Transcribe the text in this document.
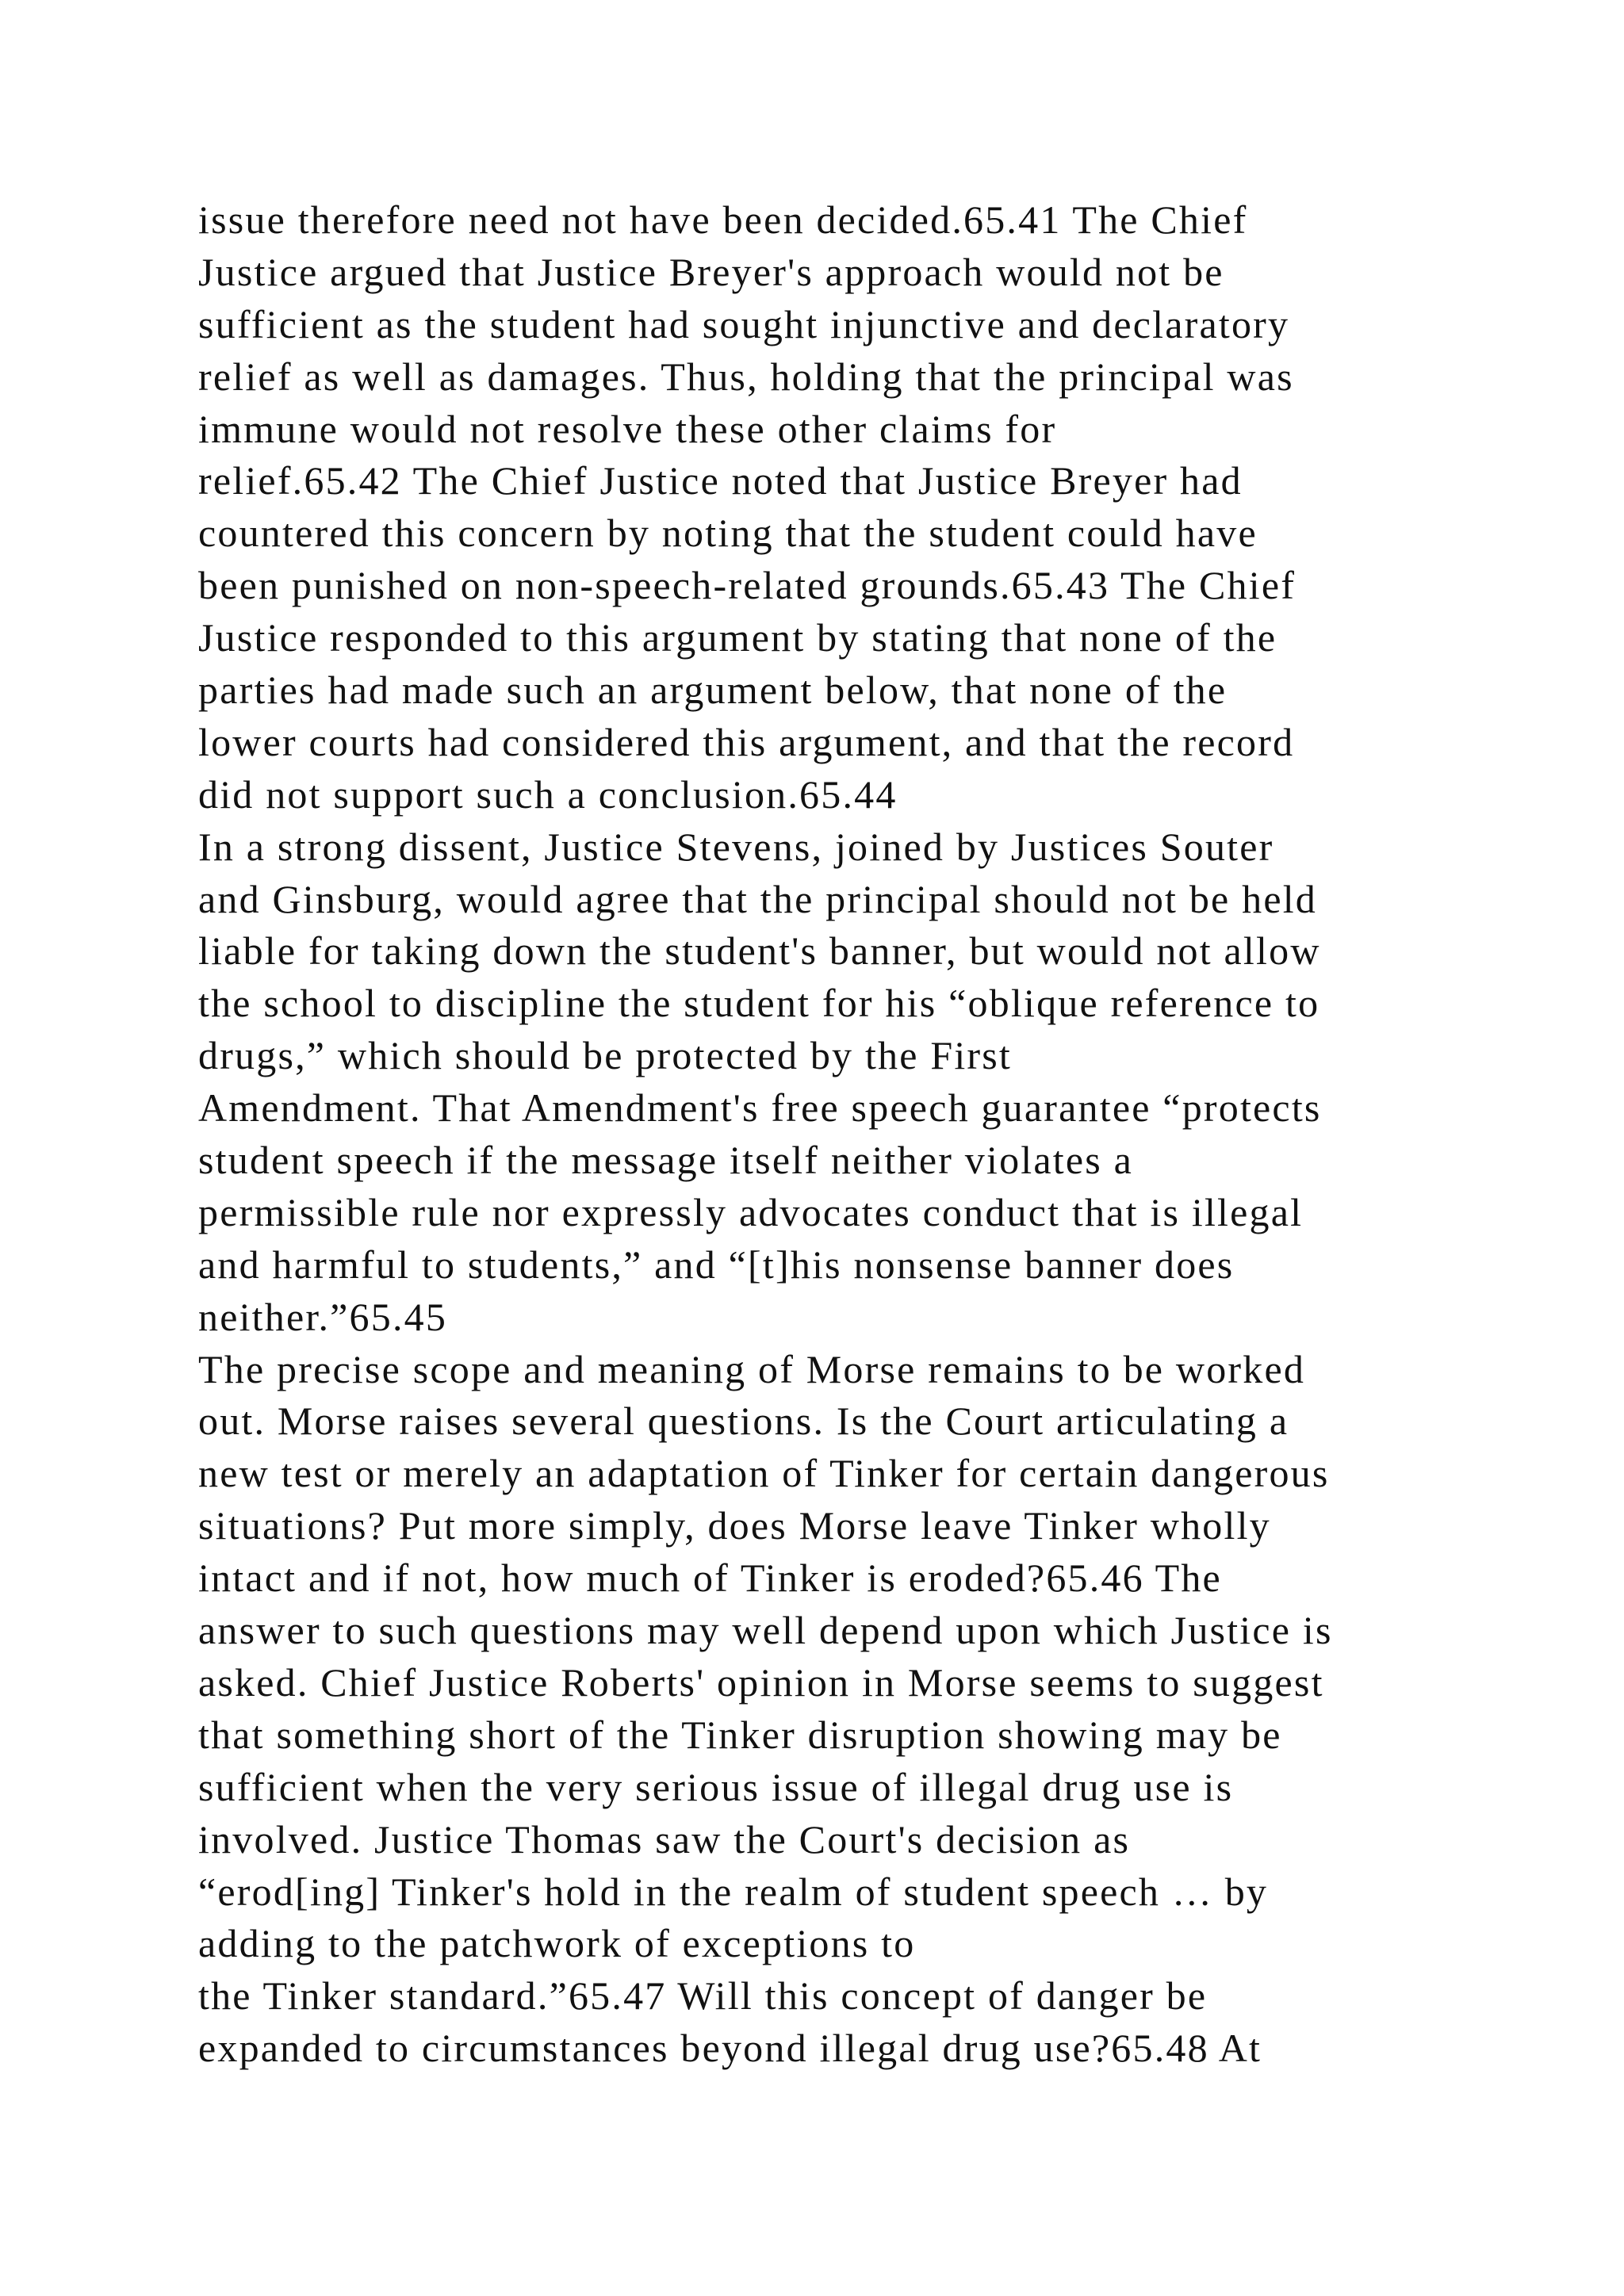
issue therefore need not have been decided.65.41 The Chief
Justice argued that Justice Breyer's approach would not be
sufficient as the student had sought injunctive and declaratory
relief as well as damages. Thus, holding that the principal was
immune would not resolve these other claims for
relief.65.42 The Chief Justice noted that Justice Breyer had
countered this concern by noting that the student could have
been punished on non-speech-related grounds.65.43 The Chief
Justice responded to this argument by stating that none of the
parties had made such an argument below, that none of the
lower courts had considered this argument, and that the record
did not support such a conclusion.65.44
In a strong dissent, Justice Stevens, joined by Justices Souter
and Ginsburg, would agree that the principal should not be held
liable for taking down the student's banner, but would not allow
the school to discipline the student for his “oblique reference to
drugs,” which should be protected by the First
Amendment. That Amendment's free speech guarantee “protects
student speech if the message itself neither violates a
permissible rule nor expressly advocates conduct that is illegal
and harmful to students,” and “[t]his nonsense banner does
neither.”65.45
The precise scope and meaning of Morse remains to be worked
out. Morse raises several questions. Is the Court articulating a
new test or merely an adaptation of Tinker for certain dangerous
situations? Put more simply, does Morse leave Tinker wholly
intact and if not, how much of Tinker is eroded?65.46 The
answer to such questions may well depend upon which Justice is
asked. Chief Justice Roberts' opinion in Morse seems to suggest
that something short of the Tinker disruption showing may be
sufficient when the very serious issue of illegal drug use is
involved. Justice Thomas saw the Court's decision as
“erod[ing] Tinker's hold in the realm of student speech … by
adding to the patchwork of exceptions to
the Tinker standard.”65.47 Will this concept of danger be
expanded to circumstances beyond illegal drug use?65.48 At
